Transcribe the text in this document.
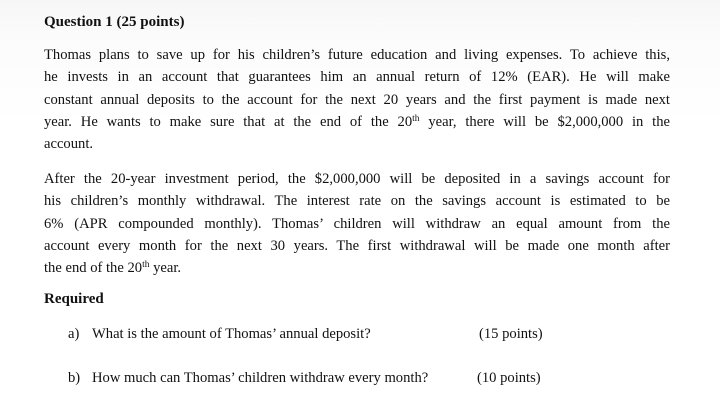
Question 1 (25 points)
Thomas plans to save up for his children’s future education and living expenses. To achieve this,
he invests in an account that guarantees him an annual return of 12% (EAR). He will make
constant annual deposits to the account for the next 20 years and the first payment is made next
year. He wants to make sure that at the end of the 20th year, there will be $2,000,000 in the
account.
After the 20-year investment period, the $2,000,000 will be deposited in a savings account for
his children’s monthly withdrawal. The interest rate on the savings account is estimated to be
6% (APR compounded monthly). Thomas’ children will withdraw an equal amount from the
account every month for the next 30 years. The first withdrawal will be made one month after
the end of the 20th year.
Required
a) What is the amount of Thomas’ annual deposit?	(15 points)
b) How much can Thomas’ children withdraw every month?	(10 points)
